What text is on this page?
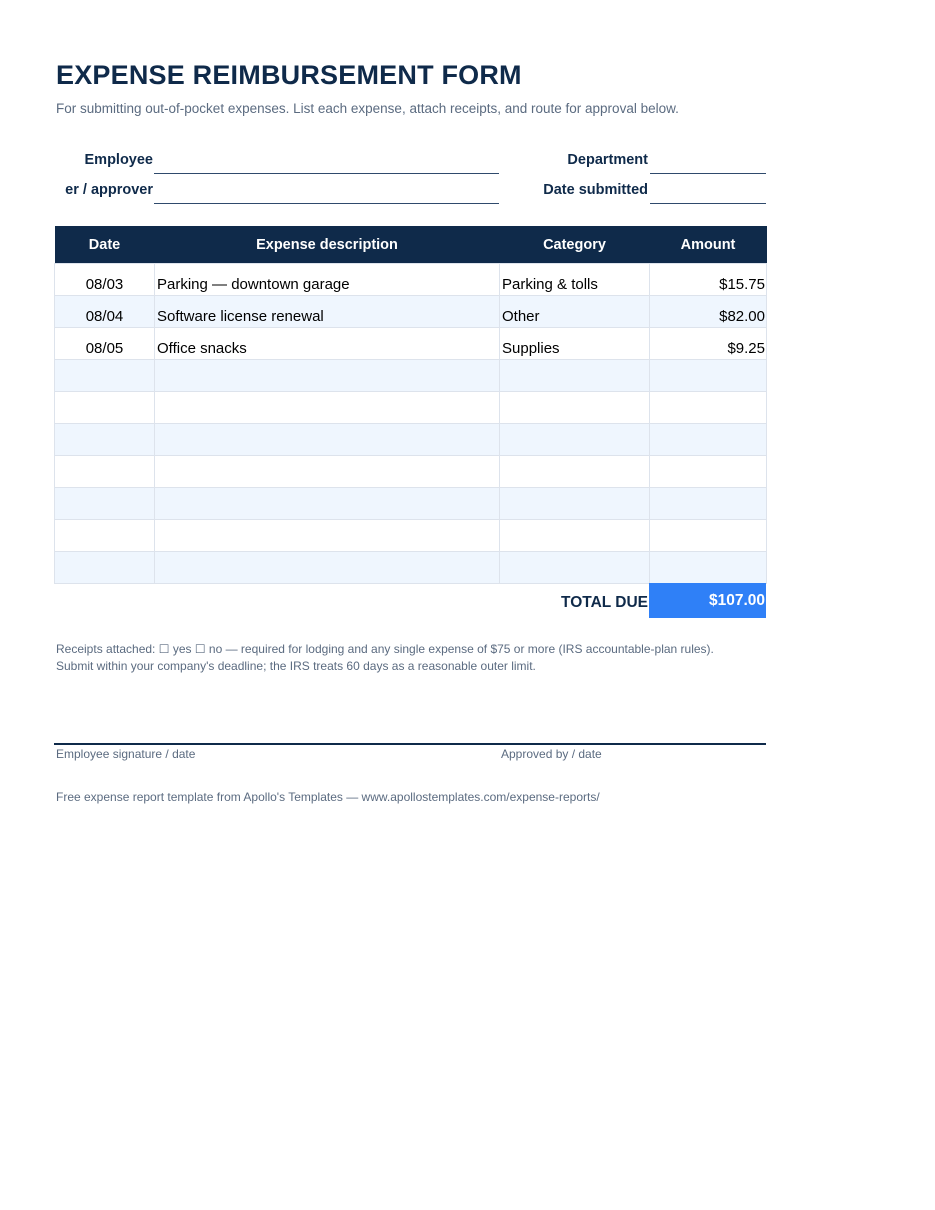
EXPENSE REIMBURSEMENT FORM
For submitting out-of-pocket expenses. List each expense, attach receipts, and route for approval below.
Employee
er / approver
Department
Date submitted
Date	Expense description	Category	Amount
08/03	Parking — downtown garage	Parking & tolls	$15.75
08/04	Software license renewal	Other	$82.00
08/05	Office snacks	Supplies	$9.25

TOTAL DUE	$107.00
Receipts attached: ☐ yes ☐ no — required for lodging and any single expense of $75 or more (IRS accountable-plan rules).
Submit within your company's deadline; the IRS treats 60 days as a reasonable outer limit.
Employee signature / date	Approved by / date
Free expense report template from Apollo's Templates — www.apollostemplates.com/expense-reports/
